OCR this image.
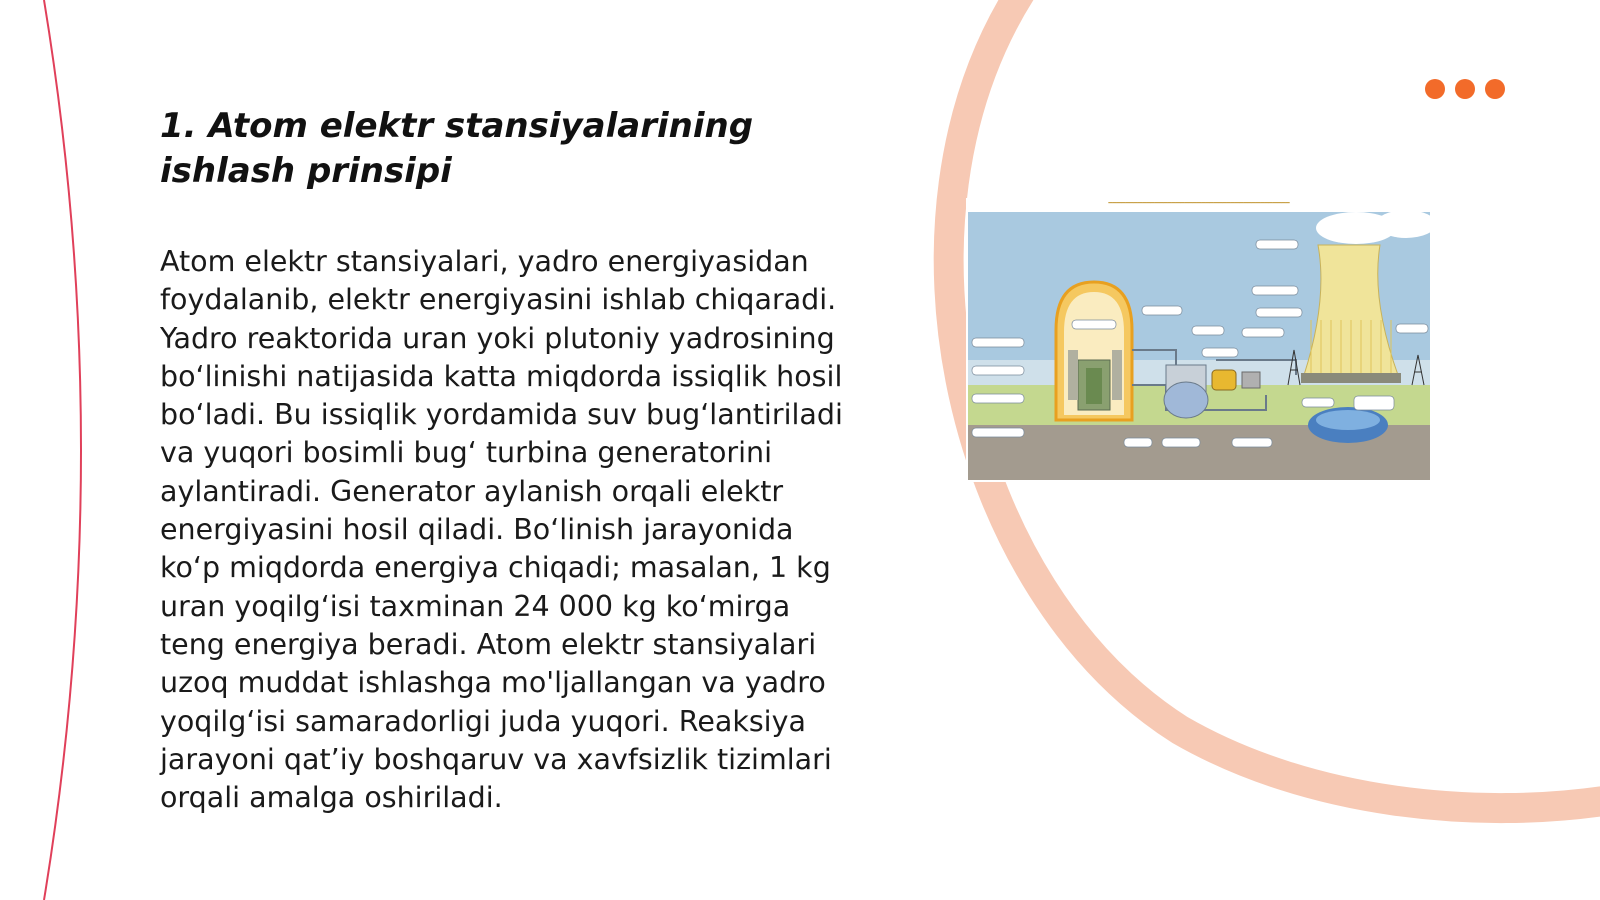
1. Atom elektr stansiyalarining ishlash prinsipi

Atom elektr stansiyalari, yadro energiyasidan foydalanib, elektr energiyasini ishlab chiqaradi. Yadro reaktorida uran yoki plutoniy yadrosining bo‘linishi natijasida katta miqdorda issiqlik hosil bo‘ladi. Bu issiqlik yordamida suv bug‘lantiriladi va yuqori bosimli bug‘ turbina generatorini aylantiradi. Generator aylanish orqali elektr energiyasini hosil qiladi. Bo‘linish jarayonida ko‘p miqdorda energiya chiqadi; masalan, 1 kg uran yoqilg‘isi taxminan 24 000 kg ko‘mirga teng energiya beradi. Atom elektr stansiyalari uzoq muddat ishlashga mo'ljallangan va yadro yoqilg‘isi samaradorligi juda yuqori. Reaksiya jarayoni qat’iy boshqaruv va xavfsizlik tizimlari orqali amalga oshiriladi.

━━━━━━━━━━━━━━━━━━━━━━━━━━━━━━━━━━━━━━━━━━━
